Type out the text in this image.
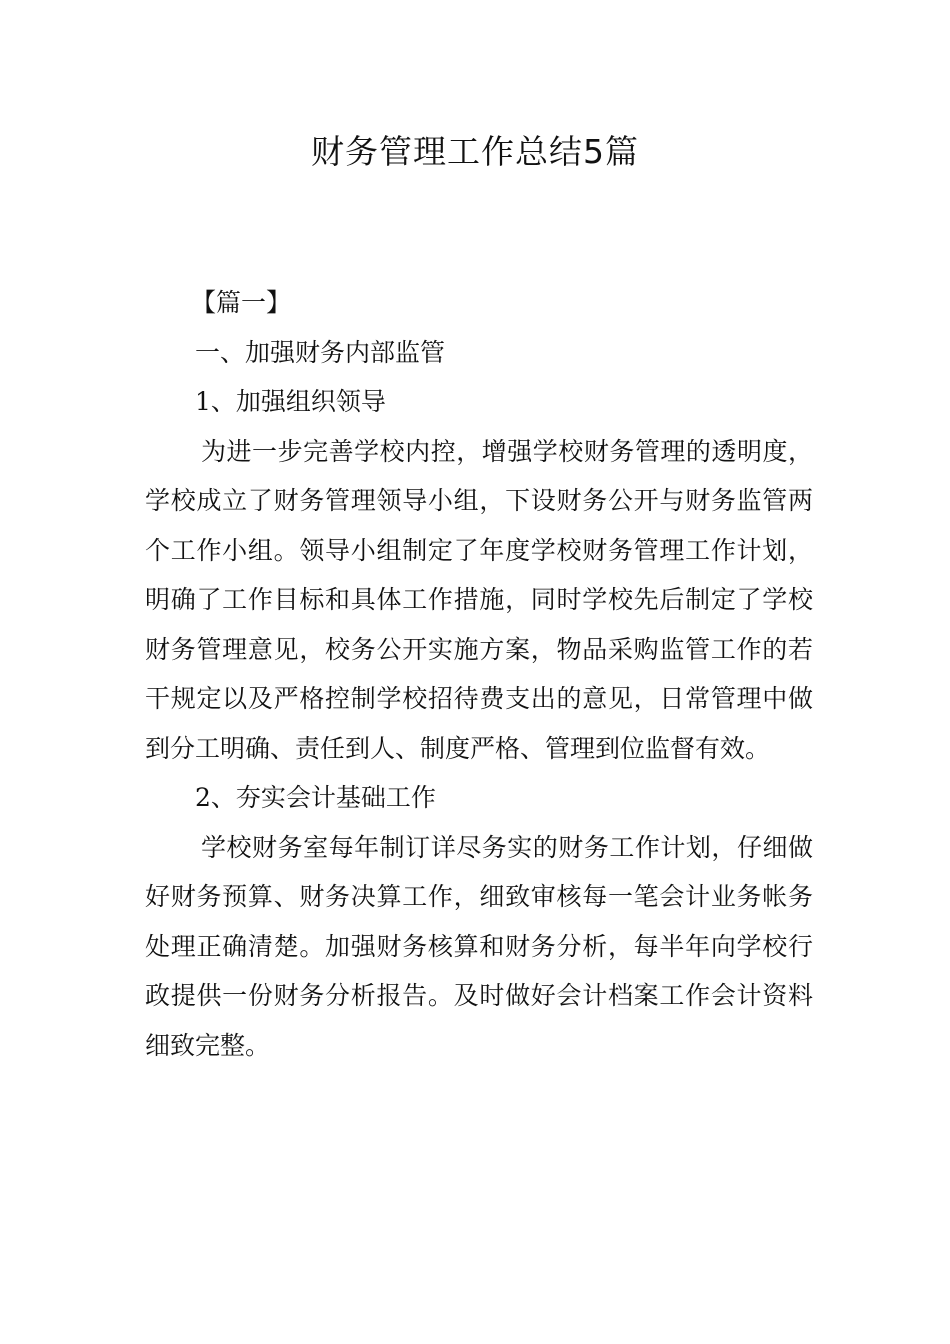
财务管理工作总结5篇

【篇一】

一、加强财务内部监管

1、加强组织领导

为进一步完善学校内控，增强学校财务管理的透明度，学校成立了财务管理领导小组，下设财务公开与财务监管两个工作小组。领导小组制定了年度学校财务管理工作计划，明确了工作目标和具体工作措施，同时学校先后制定了学校财务管理意见，校务公开实施方案，物品采购监管工作的若干规定以及严格控制学校招待费支出的意见，日常管理中做到分工明确、责任到人、制度严格、管理到位监督有效。

2、夯实会计基础工作

学校财务室每年制订详尽务实的财务工作计划，仔细做好财务预算、财务决算工作，细致审核每一笔会计业务帐务处理正确清楚。加强财务核算和财务分析，每半年向学校行政提供一份财务分析报告。及时做好会计档案工作会计资料细致完整。
